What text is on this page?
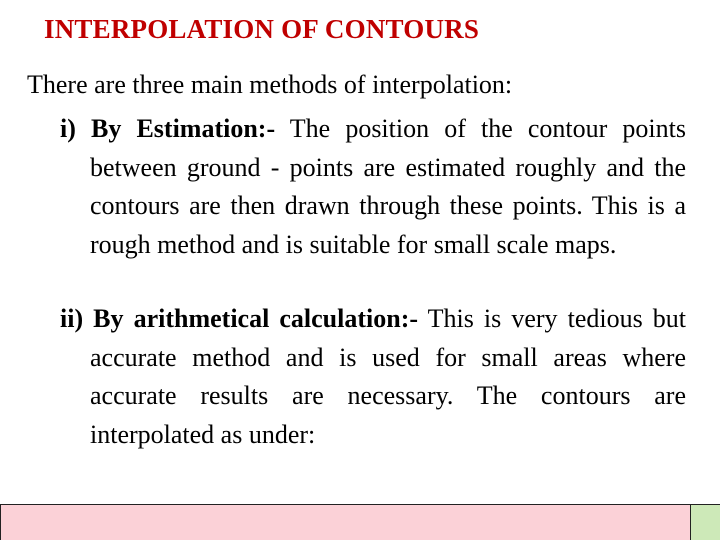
INTERPOLATION OF CONTOURS
There are three main methods of interpolation:
i) By Estimation:- The position of the contour points between ground - points are estimated roughly and the contours are then drawn through these points. This is a rough method and is suitable for small scale maps.
ii) By arithmetical calculation:- This is very tedious but accurate method and is used for small areas where accurate results are necessary. The contours are interpolated as under:
